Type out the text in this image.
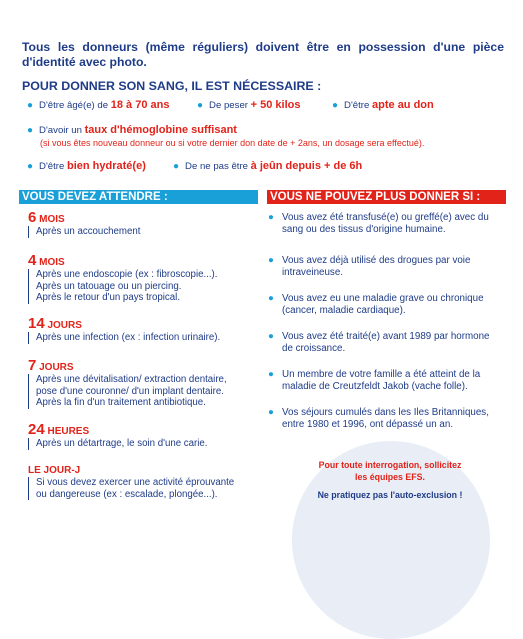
Tous les donneurs (même réguliers) doivent être en possession d'une pièce d'identité avec photo.
POUR DONNER SON SANG, IL EST NÉCESSAIRE :
● D'être âgé(e) de 18 à 70 ans	● De peser + 50 kilos	● D'être apte au don
● D'avoir un taux d'hémoglobine suffisant
(si vous êtes nouveau donneur ou si votre dernier don date de + 2ans, un dosage sera effectué).
● D'être bien hydraté(e)	● De ne pas être à jeûn depuis + de 6h
VOUS DEVEZ ATTENDRE :	VOUS NE POUVEZ PLUS DONNER SI :
6 MOIS
Après un accouchement
4 MOIS
Après une endoscopie (ex : fibroscopie...).
Après un tatouage ou un piercing.
Après le retour d'un pays tropical.
14 JOURS
Après une infection (ex : infection urinaire).
7 JOURS
Après une dévitalisation/ extraction dentaire,
pose d'une couronne/ d'un implant dentaire.
Après la fin d'un traitement antibiotique.
24 HEURES
Après un détartrage, le soin d'une carie.
LE JOUR-J
Si vous devez exercer une activité éprouvante
ou dangereuse (ex : escalade, plongée...).
● Vous avez été transfusé(e) ou greffé(e) avec du sang ou des tissus d'origine humaine.
● Vous avez déjà utilisé des drogues par voie intraveineuse.
● Vous avez eu une maladie grave ou chronique (cancer, maladie cardiaque).
● Vous avez été traité(e) avant 1989 par hormone de croissance.
● Un membre de votre famille a été atteint de la maladie de Creutzfeldt Jakob (vache folle).
● Vos séjours cumulés dans les Iles Britanniques, entre 1980 et 1996, ont dépassé un an.
Pour toute interrogation, sollicitez les équipes EFS.
Ne pratiquez pas l'auto-exclusion !
